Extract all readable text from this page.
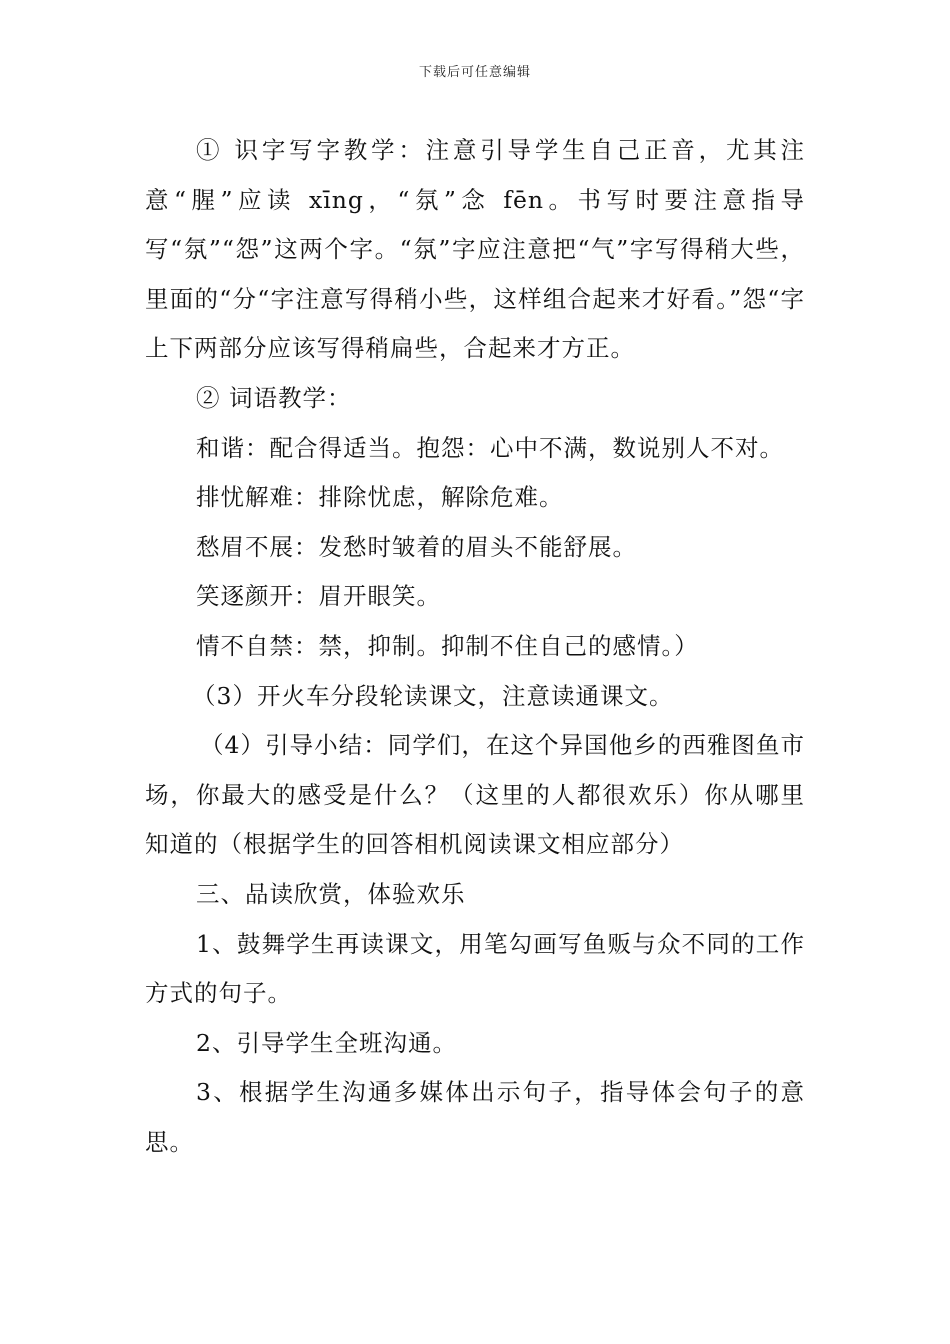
下载后可任意编辑

① 识字写字教学：注意引导学生自己正音，尤其注意“腥”应读 xīng，“氛”念 fēn。书写时要注意指导写“氛”“怨”这两个字。“氛”字应注意把“气”字写得稍大些，里面的“分“字注意写得稍小些，这样组合起来才好看。”怨“字上下两部分应该写得稍扁些，合起来才方正。

② 词语教学：

和谐：配合得适当。抱怨：心中不满，数说别人不对。

排忧解难：排除忧虑，解除危难。

愁眉不展：发愁时皱着的眉头不能舒展。

笑逐颜开：眉开眼笑。

情不自禁：禁，抑制。抑制不住自己的感情。）

（3）开火车分段轮读课文，注意读通课文。

（4）引导小结：同学们，在这个异国他乡的西雅图鱼市场，你最大的感受是什么？（这里的人都很欢乐）你从哪里知道的（根据学生的回答相机阅读课文相应部分）

三、品读欣赏，体验欢乐

1、鼓舞学生再读课文，用笔勾画写鱼贩与众不同的工作方式的句子。

2、引导学生全班沟通。

3、根据学生沟通多媒体出示句子，指导体会句子的意思。
